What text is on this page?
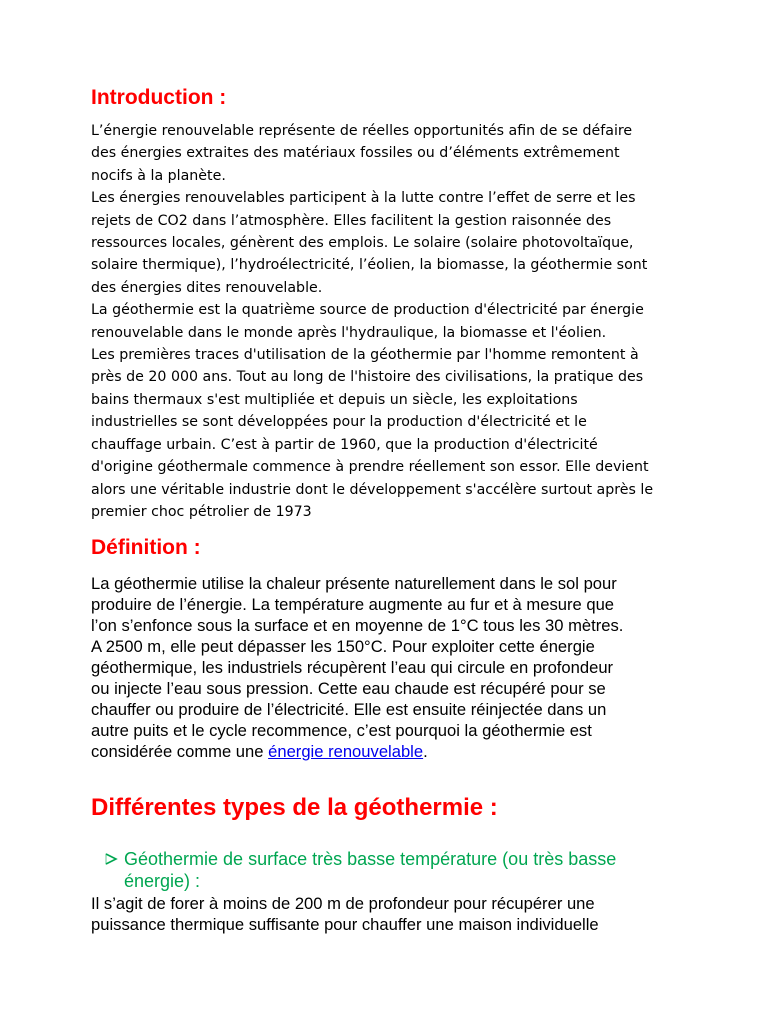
Introduction :
L’énergie renouvelable représente de réelles opportunités afin de se défaire
des énergies extraites des matériaux fossiles ou d’éléments extrêmement
nocifs à la planète.
Les énergies renouvelables participent à la lutte contre l’effet de serre et les
rejets de CO2 dans l’atmosphère. Elles facilitent la gestion raisonnée des
ressources locales, génèrent des emplois. Le solaire (solaire photovoltaïque,
solaire thermique), l’hydroélectricité, l’éolien, la biomasse, la géothermie sont
des énergies dites renouvelable.
La géothermie est la quatrième source de production d'électricité par énergie
renouvelable dans le monde après l'hydraulique, la biomasse et l'éolien.
Les premières traces d'utilisation de la géothermie par l'homme remontent à
près de 20 000 ans. Tout au long de l'histoire des civilisations, la pratique des
bains thermaux s'est multipliée et depuis un siècle, les exploitations
industrielles se sont développées pour la production d'électricité et le
chauffage urbain. C’est à partir de 1960, que la production d'électricité
d'origine géothermale commence à prendre réellement son essor. Elle devient
alors une véritable industrie dont le développement s'accélère surtout après le
premier choc pétrolier de 1973
Définition :
La géothermie utilise la chaleur présente naturellement dans le sol pour
produire de l’énergie. La température augmente au fur et à mesure que
l’on s’enfonce sous la surface et en moyenne de 1°C tous les 30 mètres.
A 2500 m, elle peut dépasser les 150°C. Pour exploiter cette énergie
géothermique, les industriels récupèrent l’eau qui circule en profondeur
ou injecte l’eau sous pression. Cette eau chaude est récupéré pour se
chauffer ou produire de l’électricité. Elle est ensuite réinjectée dans un
autre puits et le cycle recommence, c’est pourquoi la géothermie est
considérée comme une énergie renouvelable.
Différentes types de la géothermie :
Géothermie de surface très basse température (ou très basse énergie) :
Il s’agit de forer à moins de 200 m de profondeur pour récupérer une
puissance thermique suffisante pour chauffer une maison individuelle
